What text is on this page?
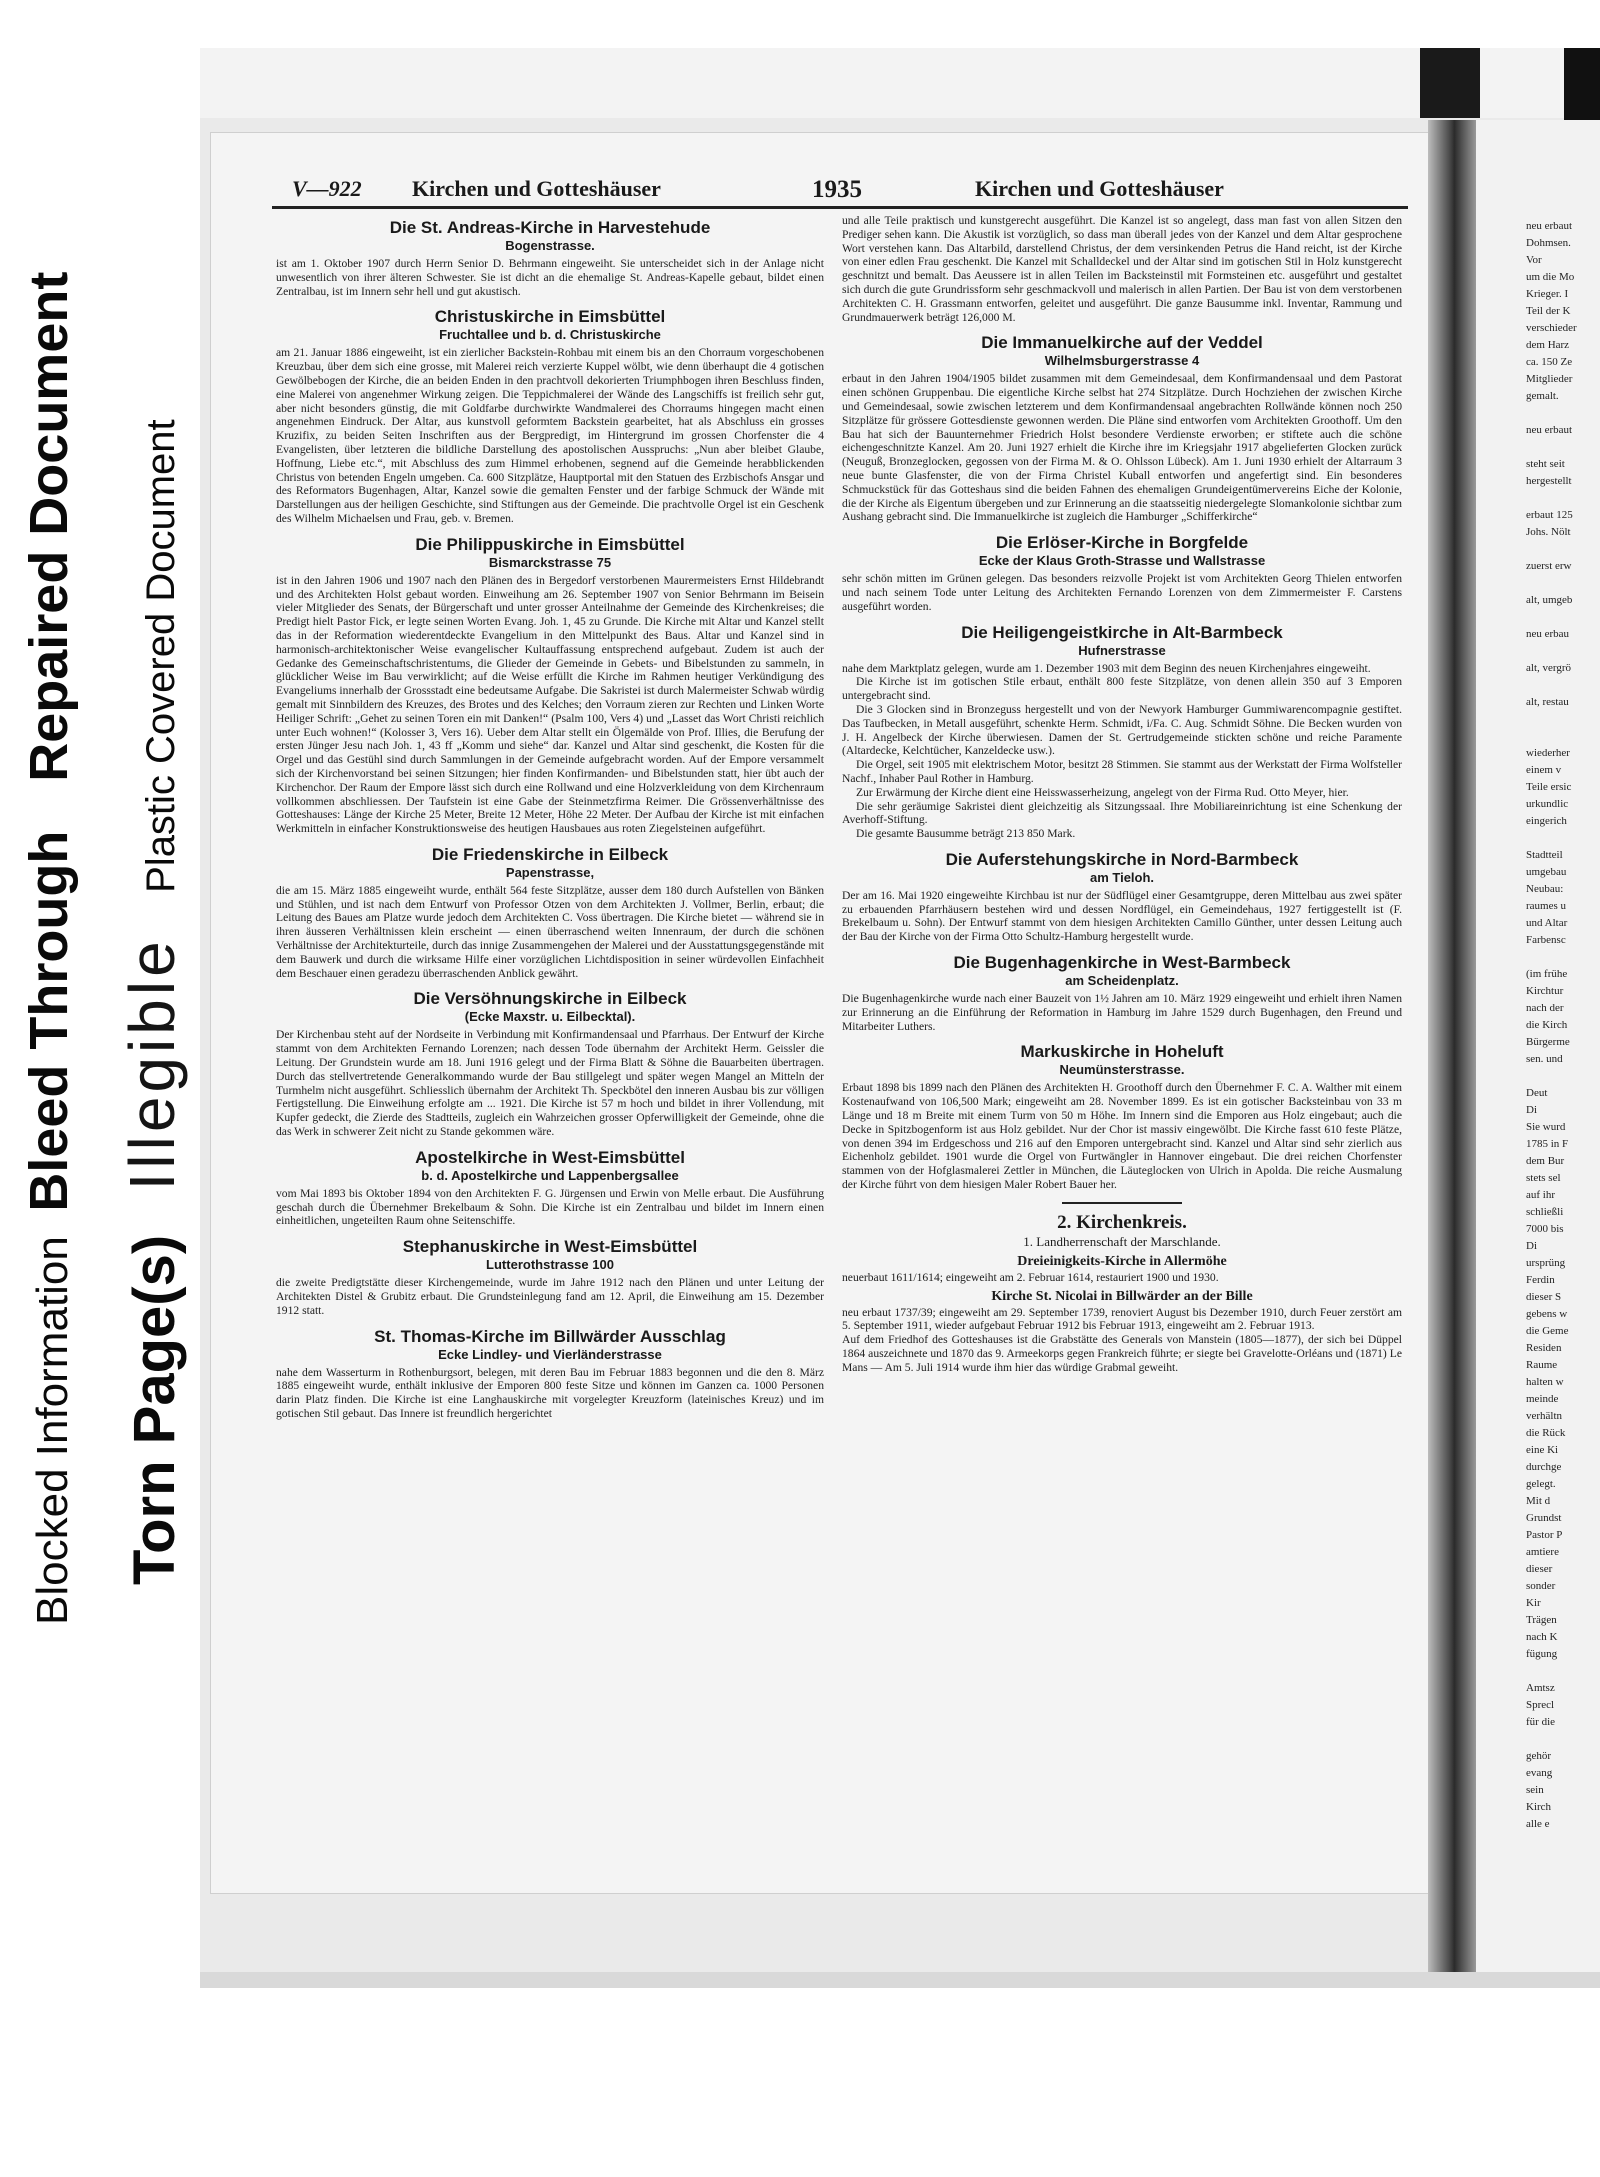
Blocked Information  Bleed Through    Repaired Document
Torn Page(s)    Illegible    Plastic Covered Document
V—922 Kirchen und Gotteshäuser	1935	Kirchen und Gotteshäuser
Die St. Andreas-Kirche in Harvestehude
Bogenstrasse.

ist am 1. Oktober 1907 durch Herrn Senior D. Behrmann eingeweiht. Sie unterscheidet sich in der Anlage nicht unwesentlich von ihrer älteren Schwester. Sie ist dicht an die ehemalige St. Andreas-Kapelle gebaut, bildet einen Zentralbau, ist im Innern sehr hell und gut akustisch.

Christuskirche in Eimsbüttel
Fruchtallee und b. d. Christuskirche

am 21. Januar 1886 eingeweiht, ist ein zierlicher Backstein-Rohbau mit einem bis an den Chorraum vorgeschobenen Kreuzbau, über dem sich eine grosse, mit Malerei reich verzierte Kuppel wölbt, wie denn überhaupt die 4 gotischen Gewölbebogen der Kirche, die an beiden Enden in den prachtvoll dekorierten Triumphbogen ihren Beschluss finden, eine Malerei von angenehmer Wirkung zeigen. Die Teppichmalerei der Wände des Langschiffs ist freilich sehr gut, aber nicht besonders günstig, die mit Goldfarbe durchwirkte Wandmalerei des Chorraums hingegen macht einen angenehmen Eindruck. Der Altar, aus kunstvoll geformtem Backstein gearbeitet, hat als Abschluss ein grosses Kruzifix, zu beiden Seiten Inschriften aus der Bergpredigt, im Hintergrund im grossen Chorfenster die 4 Evangelisten, über letzteren die bildliche Darstellung des apostolischen Ausspruchs: „Nun aber bleibet Glaube, Hoffnung, Liebe etc.“, mit Abschluss des zum Himmel erhobenen, segnend auf die Gemeinde herabblickenden Christus von betenden Engeln umgeben. Ca. 600 Sitzplätze, Hauptportal mit den Statuen des Erzbischofs Ansgar und des Reformators Bugenhagen, Altar, Kanzel sowie die gemalten Fenster und der farbige Schmuck der Wände mit Darstellungen aus der heiligen Geschichte, sind Stiftungen aus der Gemeinde. Die prachtvolle Orgel ist ein Geschenk des Wilhelm Michaelsen und Frau, geb. v. Bremen.

Die Philippuskirche in Eimsbüttel
Bismarckstrasse 75

ist in den Jahren 1906 und 1907 nach den Plänen des in Bergedorf verstorbenen Maurermeisters Ernst Hildebrandt und des Architekten Holst gebaut worden. Einweihung am 26. September 1907 von Senior Behrmann im Beisein vieler Mitglieder des Senats, der Bürgerschaft und unter grosser Anteilnahme der Gemeinde des Kirchenkreises; die Predigt hielt Pastor Fick, er legte seinen Worten Evang. Joh. 1, 45 zu Grunde. Die Kirche mit Altar und Kanzel stellt das in der Reformation wiederentdeckte Evangelium in den Mittelpunkt des Baus. Altar und Kanzel sind in harmonisch-architektonischer Weise evangelischer Kultauffassung entsprechend aufgebaut. Zudem ist auch der Gedanke des Gemeinschaftschristentums, die Glieder der Gemeinde in Gebets- und Bibelstunden zu sammeln, in glücklicher Weise im Bau verwirklicht; auf die Weise erfüllt die Kirche im Rahmen heutiger Verkündigung des Evangeliums innerhalb der Grossstadt eine bedeutsame Aufgabe. Die Sakristei ist durch Malermeister Schwab würdig gemalt mit Sinnbildern des Kreuzes, des Brotes und des Kelches; den Vorraum zieren zur Rechten und Linken Worte Heiliger Schrift: „Gehet zu seinen Toren ein mit Danken!“ (Psalm 100, Vers 4) und „Lasset das Wort Christi reichlich unter Euch wohnen!“ (Kolosser 3, Vers 16). Ueber dem Altar stellt ein Ölgemälde von Prof. Illies, die Berufung der ersten Jünger Jesu nach Joh. 1, 43 ff „Komm und siehe“ dar. Kanzel und Altar sind geschenkt, die Kosten für die Orgel und das Gestühl sind durch Sammlungen in der Gemeinde aufgebracht worden. Auf der Empore versammelt sich der Kirchenvorstand bei seinen Sitzungen; hier finden Konfirmanden- und Bibelstunden statt, hier übt auch der Kirchenchor. Der Raum der Empore lässt sich durch eine Rollwand und eine Holzverkleidung von dem Kirchenraum vollkommen abschliessen. Der Taufstein ist eine Gabe der Steinmetzfirma Reimer. Die Grössenverhältnisse des Gotteshauses: Länge der Kirche 25 Meter, Breite 12 Meter, Höhe 22 Meter. Der Aufbau der Kirche ist mit einfachen Werkmitteln in einfacher Konstruktionsweise des heutigen Hausbaues aus roten Ziegelsteinen aufgeführt.

Die Friedenskirche in Eilbeck
Papenstrasse,

die am 15. März 1885 eingeweiht wurde, enthält 564 feste Sitzplätze, ausser dem 180 durch Aufstellen von Bänken und Stühlen, und ist nach dem Entwurf von Professor Otzen von dem Architekten J. Vollmer, Berlin, erbaut; die Leitung des Baues am Platze wurde jedoch dem Architekten C. Voss übertragen. Die Kirche bietet — während sie in ihren äusseren Verhältnissen klein erscheint — einen überraschend weiten Innenraum, der durch die schönen Verhältnisse der Architekturteile, durch das innige Zusammengehen der Malerei und der Ausstattungsgegenstände mit dem Bauwerk und durch die wirksame Hilfe einer vorzüglichen Lichtdisposition in seiner würdevollen Einfachheit dem Beschauer einen geradezu überraschenden Anblick gewährt.

Die Versöhnungskirche in Eilbeck
(Ecke Maxstr. u. Eilbecktal).

Der Kirchenbau steht auf der Nordseite in Verbindung mit Konfirmandensaal und Pfarrhaus. Der Entwurf der Kirche stammt von dem Architekten Fernando Lorenzen; nach dessen Tode übernahm der Architekt Herm. Geissler die Leitung. Der Grundstein wurde am 18. Juni 1916 gelegt und der Firma Blatt & Söhne die Bauarbeiten übertragen. Durch das stellvertretende Generalkommando wurde der Bau stillgelegt und später wegen Mangel an Mitteln der Turmhelm nicht ausgeführt. Schliesslich übernahm der Architekt Th. Speckbötel den inneren Ausbau bis zur völligen Fertigstellung. Die Einweihung erfolgte am ... 1921. Die Kirche ist 57 m hoch und bildet in ihrer Vollendung, mit Kupfer gedeckt, die Zierde des Stadtteils, zugleich ein Wahrzeichen grosser Opferwilligkeit der Gemeinde, ohne die das Werk in schwerer Zeit nicht zu Stande gekommen wäre.

Apostelkirche in West-Eimsbüttel
b. d. Apostelkirche und Lappenbergsallee

vom Mai 1893 bis Oktober 1894 von den Architekten F. G. Jürgensen und Erwin von Melle erbaut. Die Ausführung geschah durch die Übernehmer Brekelbaum & Sohn. Die Kirche ist ein Zentralbau und bildet im Innern einen einheitlichen, ungeteilten Raum ohne Seitenschiffe.

Stephanuskirche in West-Eimsbüttel
Lutterothstrasse 100

die zweite Predigtstätte dieser Kirchengemeinde, wurde im Jahre 1912 nach den Plänen und unter Leitung der Architekten Distel & Grubitz erbaut. Die Grundsteinlegung fand am 12. April, die Einweihung am 15. Dezember 1912 statt.

St. Thomas-Kirche im Billwärder Ausschlag
Ecke Lindley- und Vierländerstrasse

nahe dem Wasserturm in Rothenburgsort, belegen, mit deren Bau im Februar 1883 begonnen und die den 8. März 1885 eingeweiht wurde, enthält inklusive der Emporen 800 feste Sitze und können im Ganzen ca. 1000 Personen darin Platz finden. Die Kirche ist eine Langhauskirche mit vorgelegter Kreuzform (lateinisches Kreuz) und im gotischen Stil gebaut. Das Innere ist freundlich hergerichtet

und alle Teile praktisch und kunstgerecht ausgeführt. Die Kanzel ist so angelegt, dass man fast von allen Sitzen den Prediger sehen kann. Die Akustik ist vorzüglich, so dass man überall jedes von der Kanzel und dem Altar gesprochene Wort verstehen kann. Das Altarbild, darstellend Christus, der dem versinkenden Petrus die Hand reicht, ist der Kirche von einer edlen Frau geschenkt. Die Kanzel mit Schalldeckel und der Altar sind im gotischen Stil in Holz kunstgerecht geschnitzt und bemalt. Das Aeussere ist in allen Teilen im Backsteinstil mit Formsteinen etc. ausgeführt und gestaltet sich durch die gute Grundrissform sehr geschmackvoll und malerisch in allen Partien. Der Bau ist von dem verstorbenen Architekten C. H. Grassmann entworfen, geleitet und ausgeführt. Die ganze Bausumme inkl. Inventar, Rammung und Grundmauerwerk beträgt 126,000 M.

Die Immanuelkirche auf der Veddel
Wilhelmsburgerstrasse 4

erbaut in den Jahren 1904/1905 bildet zusammen mit dem Gemeindesaal, dem Konfirmandensaal und dem Pastorat einen schönen Gruppenbau. Die eigentliche Kirche selbst hat 274 Sitzplätze. Durch Hochziehen der zwischen Kirche und Gemeindesaal, sowie zwischen letzterem und dem Konfirmandensaal angebrachten Rollwände können noch 250 Sitzplätze für grössere Gottesdienste gewonnen werden. Die Pläne sind entworfen vom Architekten Groothoff. Um den Bau hat sich der Bauunternehmer Friedrich Holst besondere Verdienste erworben; er stiftete auch die schöne eichengeschnitzte Kanzel. Am 20. Juni 1927 erhielt die Kirche ihre im Kriegsjahr 1917 abgelieferten Glocken zurück (Neuguß, Bronzeglocken, gegossen von der Firma M. & O. Ohlsson Lübeck). Am 1. Juni 1930 erhielt der Altarraum 3 neue bunte Glasfenster, die von der Firma Christel Kuball entworfen und angefertigt sind. Ein besonderes Schmuckstück für das Gotteshaus sind die beiden Fahnen des ehemaligen Grundeigentümervereins Eiche der Kolonie, die der Kirche als Eigentum übergeben und zur Erinnerung an die staatsseitig niedergelegte Slomankolonie sichtbar zum Aushang gebracht sind. Die Immanuelkirche ist zugleich die Hamburger „Schifferkirche“

Die Erlöser-Kirche in Borgfelde
Ecke der Klaus Groth-Strasse und Wallstrasse

sehr schön mitten im Grünen gelegen. Das besonders reizvolle Projekt ist vom Architekten Georg Thielen entworfen und nach seinem Tode unter Leitung des Architekten Fernando Lorenzen von dem Zimmermeister F. Carstens ausgeführt worden.

Die Heiligengeistkirche in Alt-Barmbeck
Hufnerstrasse

nahe dem Marktplatz gelegen, wurde am 1. Dezember 1903 mit dem Beginn des neuen Kirchenjahres eingeweiht.

Die Kirche ist im gotischen Stile erbaut, enthält 800 feste Sitzplätze, von denen allein 350 auf 3 Emporen untergebracht sind.

Die 3 Glocken sind in Bronzeguss hergestellt und von der Newyork Hamburger Gummiwarencompagnie gestiftet. Das Taufbecken, in Metall ausgeführt, schenkte Herm. Schmidt, i/Fa. C. Aug. Schmidt Söhne. Die Becken wurden von J. H. Angelbeck der Kirche überwiesen. Damen der St. Gertrudgemeinde stickten schöne und reiche Paramente (Altardecke, Kelchtücher, Kanzeldecke usw.).

Die Orgel, seit 1905 mit elektrischem Motor, besitzt 28 Stimmen. Sie stammt aus der Werkstatt der Firma Wolfsteller Nachf., Inhaber Paul Rother in Hamburg.

Zur Erwärmung der Kirche dient eine Heisswasserheizung, angelegt von der Firma Rud. Otto Meyer, hier.

Die sehr geräumige Sakristei dient gleichzeitig als Sitzungssaal. Ihre Mobiliareinrichtung ist eine Schenkung der Averhoff-Stiftung.

Die gesamte Bausumme beträgt 213 850 Mark.

Die Auferstehungskirche in Nord-Barmbeck
am Tieloh.

Der am 16. Mai 1920 eingeweihte Kirchbau ist nur der Südflügel einer Gesamtgruppe, deren Mittelbau aus zwei später zu erbauenden Pfarrhäusern bestehen wird und dessen Nordflügel, ein Gemeindehaus, 1927 fertiggestellt ist (F. Brekelbaum u. Sohn). Der Entwurf stammt von dem hiesigen Architekten Camillo Günther, unter dessen Leitung auch der Bau der Kirche von der Firma Otto Schultz-Hamburg hergestellt wurde.

Die Bugenhagenkirche in West-Barmbeck
am Scheidenplatz.

Die Bugenhagenkirche wurde nach einer Bauzeit von 1½ Jahren am 10. März 1929 eingeweiht und erhielt ihren Namen zur Erinnerung an die Einführung der Reformation in Hamburg im Jahre 1529 durch Bugenhagen, den Freund und Mitarbeiter Luthers.

Markuskirche in Hoheluft
Neumünsterstrasse.

Erbaut 1898 bis 1899 nach den Plänen des Architekten H. Groothoff durch den Übernehmer F. C. A. Walther mit einem Kostenaufwand von 106,500 Mark; eingeweiht am 28. November 1899. Es ist ein gotischer Backsteinbau von 33 m Länge und 18 m Breite mit einem Turm von 50 m Höhe. Im Innern sind die Emporen aus Holz eingebaut; auch die Decke in Spitzbogenform ist aus Holz gebildet. Nur der Chor ist massiv eingewölbt. Die Kirche fasst 610 feste Plätze, von denen 394 im Erdgeschoss und 216 auf den Emporen untergebracht sind. Kanzel und Altar sind sehr zierlich aus Eichenholz gebildet. 1901 wurde die Orgel von Furtwängler in Hannover eingebaut. Die drei reichen Chorfenster stammen von der Hofglasmalerei Zettler in München, die Läuteglocken von Ulrich in Apolda. Die reiche Ausmalung der Kirche führt von dem hiesigen Maler Robert Bauer her.

2. Kirchenkreis.
1. Landherrenschaft der Marschlande.
Dreieinigkeits-Kirche in Allermöhe
neuerbaut 1611/1614; eingeweiht am 2. Februar 1614, restauriert 1900 und 1930.
Kirche St. Nicolai in Billwärder an der Bille
neu erbaut 1737/39; eingeweiht am 29. September 1739, renoviert August bis Dezember 1910, durch Feuer zerstört am 5. September 1911, wieder aufgebaut Februar 1912 bis Februar 1913, eingeweiht am 2. Februar 1913.

Auf dem Friedhof des Gotteshauses ist die Grabstätte des Generals von Manstein (1805—1877), der sich bei Düppel 1864 auszeichnete und 1870 das 9. Armeekorps gegen Frankreich führte; er siegte bei Gravelotte-Orléans und (1871) Le Mans — Am 5. Juli 1914 wurde ihm hier das würdige Grabmal geweiht.

neu erbaut
Dohmsen.
Vor
um die Mo
Krieger. I
Teil der K
verschieder
dem Harz
ca. 150 Ze
Mitglieder
gemalt.

neu erbaut

steht seit
hergestellt

erbaut 125
Johs. Nölt

zuerst erw

alt, umgeb

neu erbau

alt, vergrö

alt, restau

wiederher
einem v
Teile ersic
urkundlic
eingerich

Stadtteil
umgebau
Neubau:
raumes u
und Altar
Farbensc

(im frühe
Kirchtur
nach der
die Kirch
Bürgerme
sen. und

Deut
Di
Sie wurd
1785 in F
dem Bur
stets sel
auf ihr
schließli
7000 bis
Di
ursprüng
Ferdin
dieser S
gebens w
die Geme
Residen
Raume
halten w
meinde
verhältn
die Rück
eine Ki
durchge
gelegt.
Mit d
Grundst
Pastor P
amtiere
dieser
sonder
Kir
Trägen
nach K
fügung

Amtsz
Sprecl
für die

gehör
evang
sein
Kirch
alle e
